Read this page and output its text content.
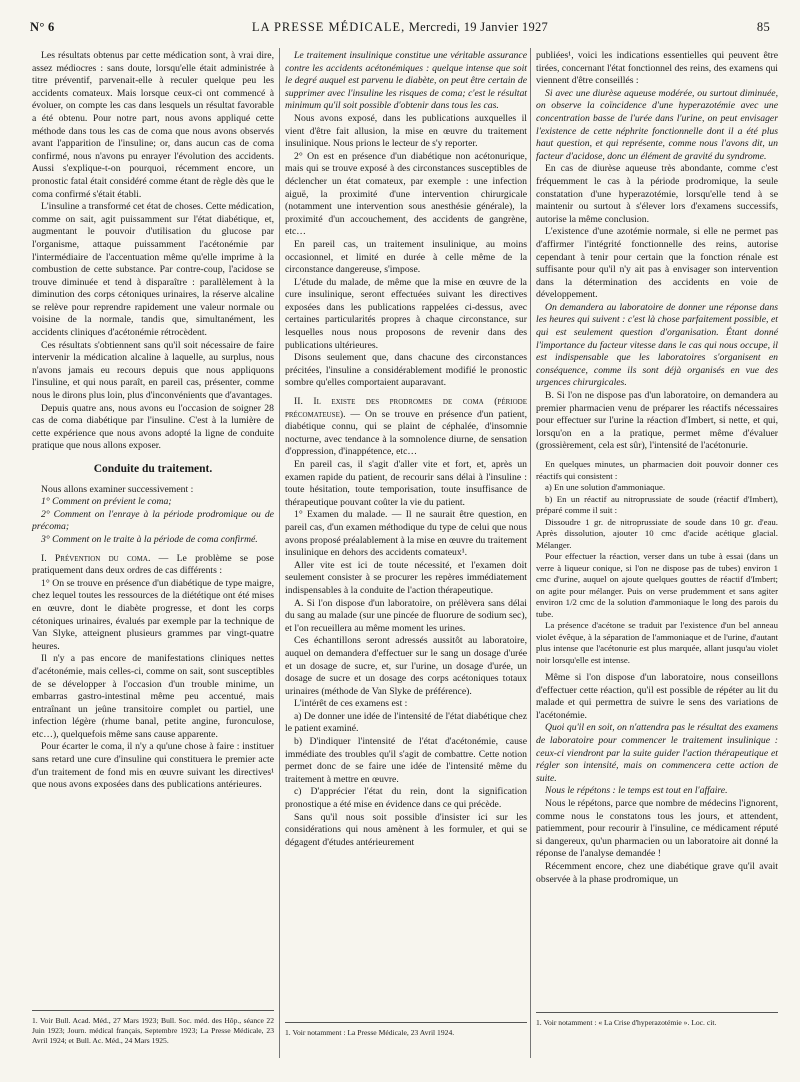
N° 6	LA PRESSE MÉDICALE, Mercredi, 19 Janvier 1927	85

Les résultats obtenus par cette médication sont, à vrai dire, assez médiocres : sans doute, lorsqu'elle était administrée à titre préventif, parvenait-elle à reculer quelque peu les accidents comateux. Mais lorsque ceux-ci ont commencé à évoluer, on compte les cas dans lesquels un résultat favorable a été obtenu. Pour notre part, nous avons appliqué cette méthode dans tous les cas de coma que nous avons observés avant l'apparition de l'insuline; or, dans aucun cas de coma confirmé, nous n'avons pu enrayer l'évolution des accidents. Aussi s'explique-t-on pourquoi, récemment encore, un pronostic fatal était considéré comme étant de règle dès que le coma confirmé s'était établi.

L'insuline a transformé cet état de choses. Cette médication, comme on sait, agit puissamment sur l'état diabétique, et, augmentant le pouvoir d'utilisation du glucose par l'organisme, attaque puissamment l'acétonémie par l'intermédiaire de l'accentuation même qu'elle imprime à la combustion de cette substance. Par contre-coup, l'acidose se trouve diminuée et tend à disparaître : parallèlement à la diminution des corps cétoniques urinaires, la réserve alcaline se relève pour reprendre rapidement une valeur normale ou voisine de la normale, tandis que, simultanément, les accidents cliniques d'acétonémie rétrocèdent.

Ces résultats s'obtiennent sans qu'il soit nécessaire de faire intervenir la médication alcaline à laquelle, au surplus, nous n'avons jamais eu recours depuis que nous appliquons l'insuline, et qui nous paraît, en pareil cas, présenter, comme nous le dirons plus loin, plus d'inconvénients que d'avantages.

Depuis quatre ans, nous avons eu l'occasion de soigner 28 cas de coma diabétique par l'insuline. C'est à la lumière de cette expérience que nous avons adopté la ligne de conduite pratique que nous allons exposer.

Conduite du traitement.

Nous allons examiner successivement :

1° Comment on prévient le coma;

2° Comment on l'enraye à la période prodromique ou de précoma;

3° Comment on le traite à la période de coma confirmé.

I. Prévention du coma. — Le problème se pose pratiquement dans deux ordres de cas différents :

1° On se trouve en présence d'un diabétique de type maigre, chez lequel toutes les ressources de la diététique ont été mises en œuvre, dont le diabète progresse, et dont les corps cétoniques urinaires, évalués par exemple par la technique de Van Slyke, atteignent plusieurs grammes par vingt-quatre heures.

Il n'y a pas encore de manifestations cliniques nettes d'acétonémie, mais celles-ci, comme on sait, sont susceptibles de se développer à l'occasion d'un trouble minime, un embarras gastro-intestinal même peu accentué, mais entraînant un jeûne transitoire complet ou partiel, une infection légère (rhume banal, petite angine, furonculose, etc…), quelquefois même sans cause apparente.

Pour écarter le coma, il n'y a qu'une chose à faire : instituer sans retard une cure d'insuline qui constituera le premier acte d'un traitement de fond mis en œuvre suivant les directives¹ que nous avons exposées dans des publications antérieures.

1. Voir Bull. Acad. Méd., 27 Mars 1923; Bull. Soc. méd. des Hôp., séance 22 Juin 1923; Journ. médical français, Septembre 1923; La Presse Médicale, 23 Avril 1924; et Bull. Ac. Méd., 24 Mars 1925.

Le traitement insulinique constitue une véritable assurance contre les accidents acétonémiques : quelque intense que soit le degré auquel est parvenu le diabète, on peut être certain de supprimer avec l'insuline les risques de coma; c'est le résultat minimum qu'il soit possible d'obtenir dans tous les cas.

Nous avons exposé, dans les publications auxquelles il vient d'être fait allusion, la mise en œuvre du traitement insulinique. Nous prions le lecteur de s'y reporter.

2° On est en présence d'un diabétique non acétonurique, mais qui se trouve exposé à des circonstances susceptibles de déclencher un état comateux, par exemple : une infection aiguë, la proximité d'une intervention chirurgicale (notamment une intervention sous anesthésie générale), la proximité d'un accouchement, des accidents de gangrène, etc…

En pareil cas, un traitement insulinique, au moins occasionnel, et limité en durée à celle même de la circonstance dangereuse, s'impose.

L'étude du malade, de même que la mise en œuvre de la cure insulinique, seront effectuées suivant les directives exposées dans les publications rappelées ci-dessus, avec certaines particularités propres à chaque circonstance, sur lesquelles nous nous proposons de revenir dans des publications ultérieures.

Disons seulement que, dans chacune des circonstances précitées, l'insuline a considérablement modifié le pronostic sombre qu'elles comportaient auparavant.

II. Il existe des prodromes de coma (période précomateuse). — On se trouve en présence d'un patient, diabétique connu, qui se plaint de céphalée, d'insomnie nocturne, avec tendance à la somnolence diurne, de sensation d'oppression, d'inappétence, etc…

En pareil cas, il s'agit d'aller vite et fort, et, après un examen rapide du patient, de recourir sans délai à l'insuline : toute hésitation, toute temporisation, toute insuffisance de thérapeutique pouvant coûter la vie du patient.

1° Examen du malade. — Il ne saurait être question, en pareil cas, d'un examen méthodique du type de celui que nous avons proposé préalablement à la mise en œuvre du traitement insulinique en dehors des accidents comateux¹.

Aller vite est ici de toute nécessité, et l'examen doit seulement consister à se procurer les repères immédiatement indispensables à la conduite de l'action thérapeutique.

A. Si l'on dispose d'un laboratoire, on prélèvera sans délai du sang au malade (sur une pincée de fluorure de sodium sec), et l'on recueillera au même moment les urines.

Ces échantillons seront adressés aussitôt au laboratoire, auquel on demandera d'effectuer sur le sang un dosage d'urée et un dosage de sucre, et, sur l'urine, un dosage d'urée, un dosage de sucre et un dosage des corps acétoniques totaux urinaires (méthode de Van Slyke de préférence).

L'intérêt de ces examens est :

a) De donner une idée de l'intensité de l'état diabétique chez le patient examiné.

b) D'indiquer l'intensité de l'état d'acétonémie, cause immédiate des troubles qu'il s'agit de combattre. Cette notion permet donc de se faire une idée de l'intensité même du traitement à mettre en œuvre.

c) D'apprécier l'état du rein, dont la signification pronostique a été mise en évidence dans ce qui précède.

Sans qu'il nous soit possible d'insister ici sur les considérations qui nous amènent à les formuler, et qui se dégagent d'études antérieurement

1. Voir notamment : La Presse Médicale, 23 Avril 1924.

publiées¹, voici les indications essentielles qui peuvent être tirées, concernant l'état fonctionnel des reins, des examens qui viennent d'être conseillés :

Si avec une diurèse aqueuse modérée, ou surtout diminuée, on observe la coïncidence d'une hyperazotémie avec une concentration basse de l'urée dans l'urine, on peut envisager l'existence de cette néphrite fonctionnelle dont il a été plus haut question, et qui représente, comme nous l'avons dit, un facteur d'acidose, donc un élément de gravité du syndrome.

En cas de diurèse aqueuse très abondante, comme c'est fréquemment le cas à la période prodromique, la seule constatation d'une hyperazotémie, lorsqu'elle tend à se maintenir ou surtout à s'élever lors d'examens successifs, autorise la même conclusion.

L'existence d'une azotémie normale, si elle ne permet pas d'affirmer l'intégrité fonctionnelle des reins, autorise cependant à tenir pour certain que la fonction rénale est suffisante pour qu'il n'y ait pas à envisager son intervention dans la détermination des accidents en voie de développement.

On demandera au laboratoire de donner une réponse dans les heures qui suivent : c'est là chose parfaitement possible, et qui est seulement question d'organisation. Étant donné l'importance du facteur vitesse dans le cas qui nous occupe, il est indispensable que les laboratoires s'organisent en conséquence, comme ils sont déjà organisés en vue des urgences chirurgicales.

B. Si l'on ne dispose pas d'un laboratoire, on demandera au premier pharmacien venu de préparer les réactifs nécessaires pour effectuer sur l'urine la réaction d'Imbert, si nette, et qui, lorsqu'on en a la pratique, permet même d'évaluer (grossièrement, cela est sûr), l'intensité de l'acétonurie.

En quelques minutes, un pharmacien doit pouvoir donner ces réactifs qui consistent :

a) En une solution d'ammoniaque.

b) En un réactif au nitroprussiate de soude (réactif d'Imbert), préparé comme il suit :

Dissoudre 1 gr. de nitroprussiate de soude dans 10 gr. d'eau. Après dissolution, ajouter 10 cmc d'acide acétique glacial. Mélanger.

Pour effectuer la réaction, verser dans un tube à essai (dans un verre à liqueur conique, si l'on ne dispose pas de tubes) environ 1 cmc d'urine, auquel on ajoute quelques gouttes de réactif d'Imbert; on agite pour mélanger. Puis on verse prudemment et sans agiter environ 1/2 cmc de la solution d'ammoniaque le long des parois du tube.

La présence d'acétone se traduit par l'existence d'un bel anneau violet évêque, à la séparation de l'ammoniaque et de l'urine, d'autant plus intense que l'acétonurie est plus marquée, allant jusqu'au violet noir lorsqu'elle est intense.

Même si l'on dispose d'un laboratoire, nous conseillons d'effectuer cette réaction, qu'il est possible de répéter au lit du malade et qui permettra de suivre le sens des variations de l'acétonémie.

Quoi qu'il en soit, on n'attendra pas le résultat des examens de laboratoire pour commencer le traitement insulinique : ceux-ci viendront par la suite guider l'action thérapeutique et régler son intensité, mais on commencera cette action de suite.

Nous le répétons : le temps est tout en l'affaire.

Nous le répétons, parce que nombre de médecins l'ignorent, comme nous le constatons tous les jours, et attendent, patiemment, pour recourir à l'insuline, ce médicament réputé si dangereux, qu'un pharmacien ou un laboratoire ait donné la réponse de l'analyse demandée !

Récemment encore, chez une diabétique grave qu'il avait observée à la phase prodromique, un

1. Voir notamment : « La Crise d'hyperazotémie ». Loc. cit.
